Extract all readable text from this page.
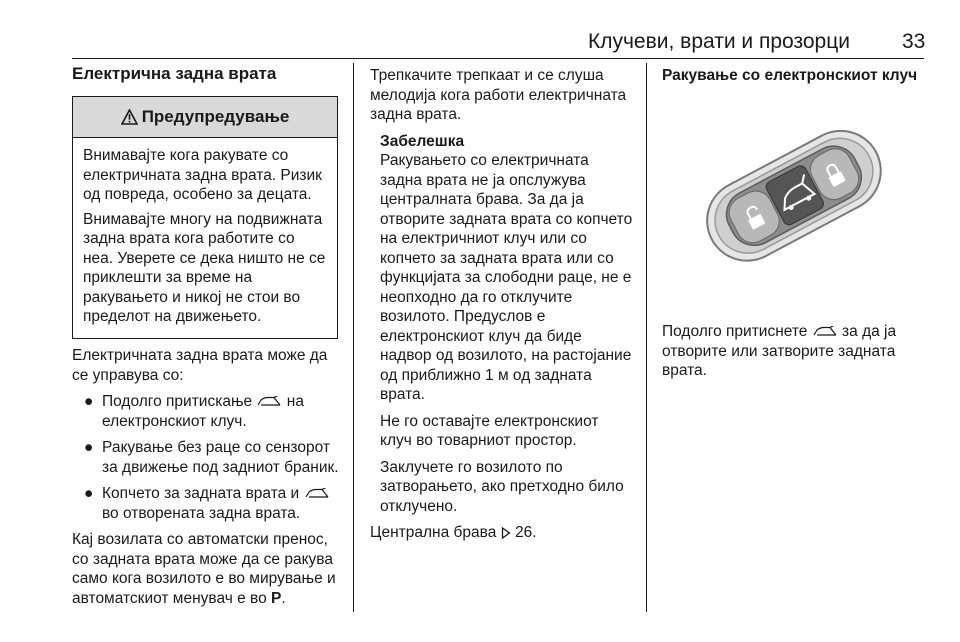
Клучеви, врати и прозорци 33
Електрична задна врата
Предупредување

Внимавајте кога ракувате со електричната задна врата. Ризик од повреда, особено за децата.

Внимавајте многу на подвижната задна врата кога работите со неа. Уверете се дека ништо не се приклешти за време на ракувањето и никој не стои во пределот на движењето.

Електричната задна врата може да се управува со:

● Подолго притискање на електронскиот клуч.
● Ракување без раце со сензорот за движење под задниот браник.
● Копчето за задната врата и  во отворената задна врата.

Кај возилата со автоматски пренос, со задната врата може да се ракува само кога возилото е во мирување и автоматскиот менувач е во P.

Трепкачите трепкаат и се слуша мелодија кога работи електричната задна врата.

Забелешка

Ракувањето со електричната задна врата не ја опслужува централната брава. За да ја отворите задната врата со копчето на електричниот клуч или со копчето за задната врата или со функцијата за слободни раце, не е неопходно да го отклучите возилото. Предуслов е електронскиот клуч да биде надвор од возилото, на растојание од приближно 1 м од задната врата.

Не го оставајте електронскиот клуч во товарниот простор.

Заклучете го возилото по затворањето, ако претходно било отклучено.

Централна брава 26.

Ракување со електронскиот клуч

Подолго притиснете за да ја отворите или затворите задната врата.
